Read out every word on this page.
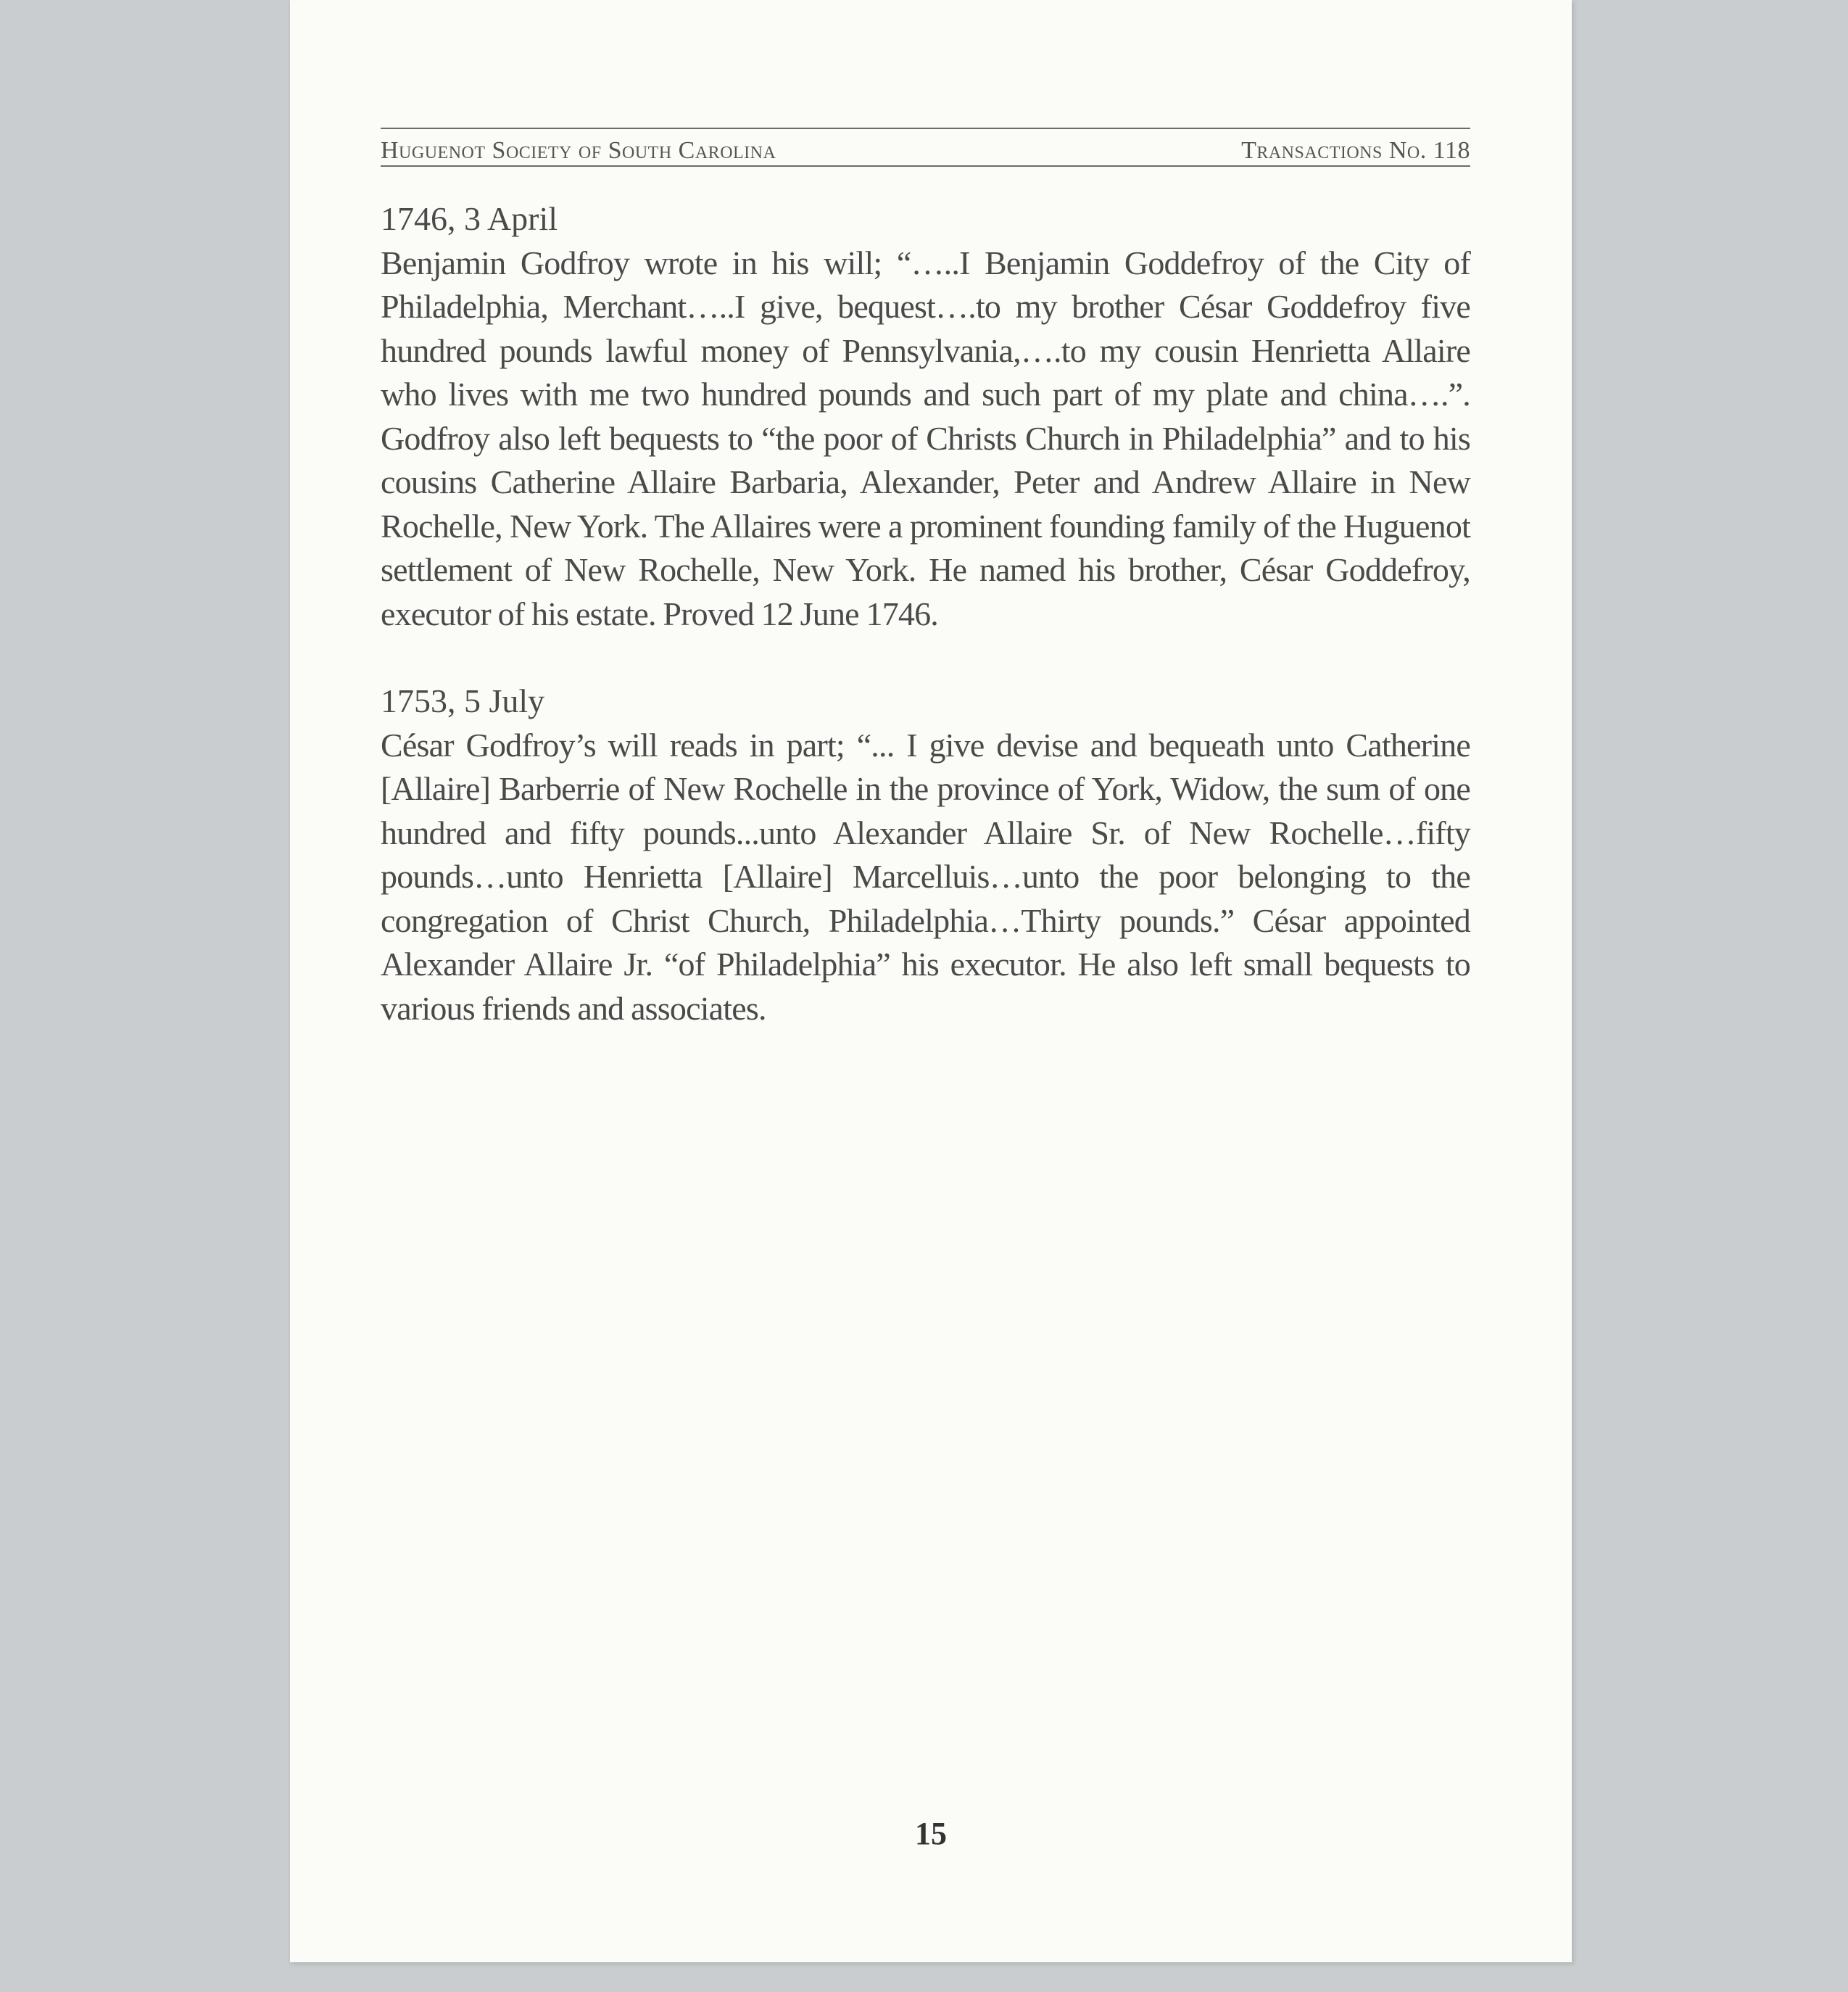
Huguenot Society of South Carolina	Transactions No. 118

1746, 3 April

Benjamin Godfroy wrote in his will; “…..I Benjamin Goddefroy of the City of Philadelphia, Merchant…..I give, bequest….to my brother César Goddefroy five hundred pounds lawful money of Pennsylvania,….to my cousin Henrietta Allaire who lives with me two hundred pounds and such part of my plate and china….”. Godfroy also left bequests to “the poor of Christs Church in Philadelphia” and to his cousins Catherine Allaire Barbaria, Alexander, Peter and Andrew Allaire in New Rochelle, New York. The Allaires were a prominent founding family of the Huguenot settlement of New Rochelle, New York. He named his brother, César Goddefroy, executor of his estate. Proved 12 June 1746.

1753, 5 July

César Godfroy’s will reads in part; “... I give devise and bequeath unto Catherine [Allaire] Barberrie of New Rochelle in the province of York, Widow, the sum of one hundred and fifty pounds...unto Alexander Allaire Sr. of New Rochelle…fifty pounds…unto Henrietta [Allaire] Marcelluis…unto the poor belonging to the congregation of Christ Church, Philadelphia…Thirty pounds.” César appointed Alexander Allaire Jr. “of Philadelphia” his executor. He also left small bequests to various friends and associates.

15
